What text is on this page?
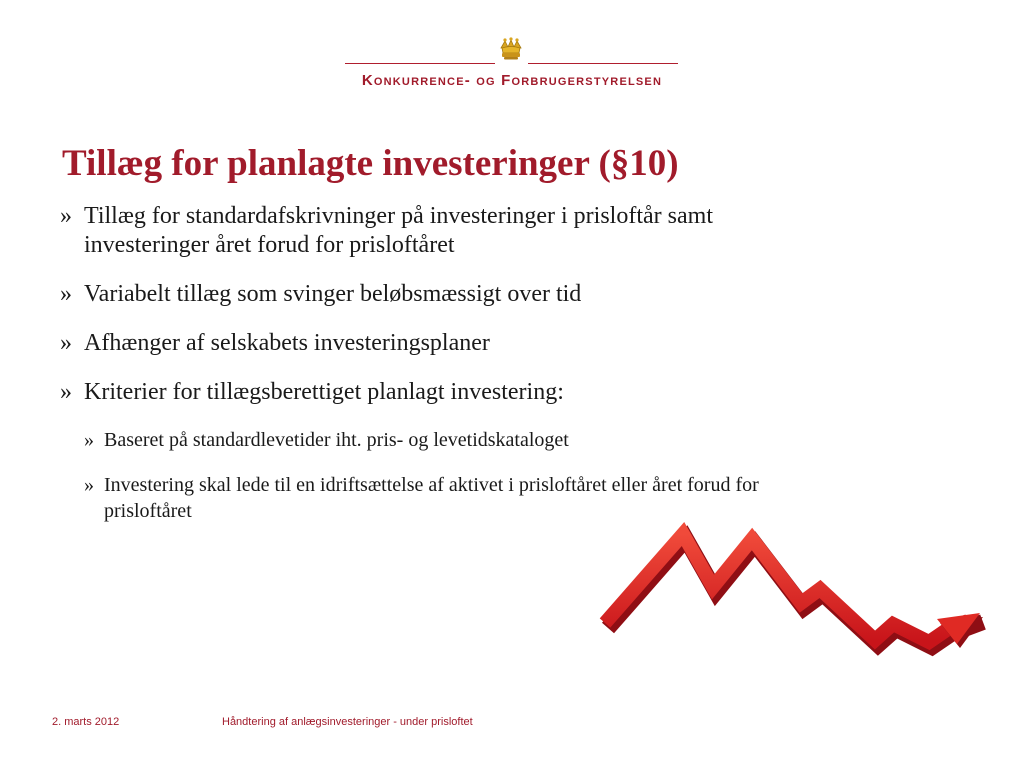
Konkurrence- og Forbrugerstyrelsen
Tillæg for planlagte investeringer (§10)
» Tillæg for standardafskrivninger på investeringer i prisloftår samt investeringer året forud for prisloftåret
» Variabelt tillæg som svinger beløbsmæssigt over tid
» Afhænger af selskabets investeringsplaner
» Kriterier for tillægsberettiget planlagt investering:
» Baseret på standardlevetider iht. pris- og levetidskataloget
» Investering skal lede til en idriftsættelse af aktivet i prisloftåret eller året forud for prisloftåret
2. marts 2012	Håndtering af anlægsinvesteringer - under prisloftet
